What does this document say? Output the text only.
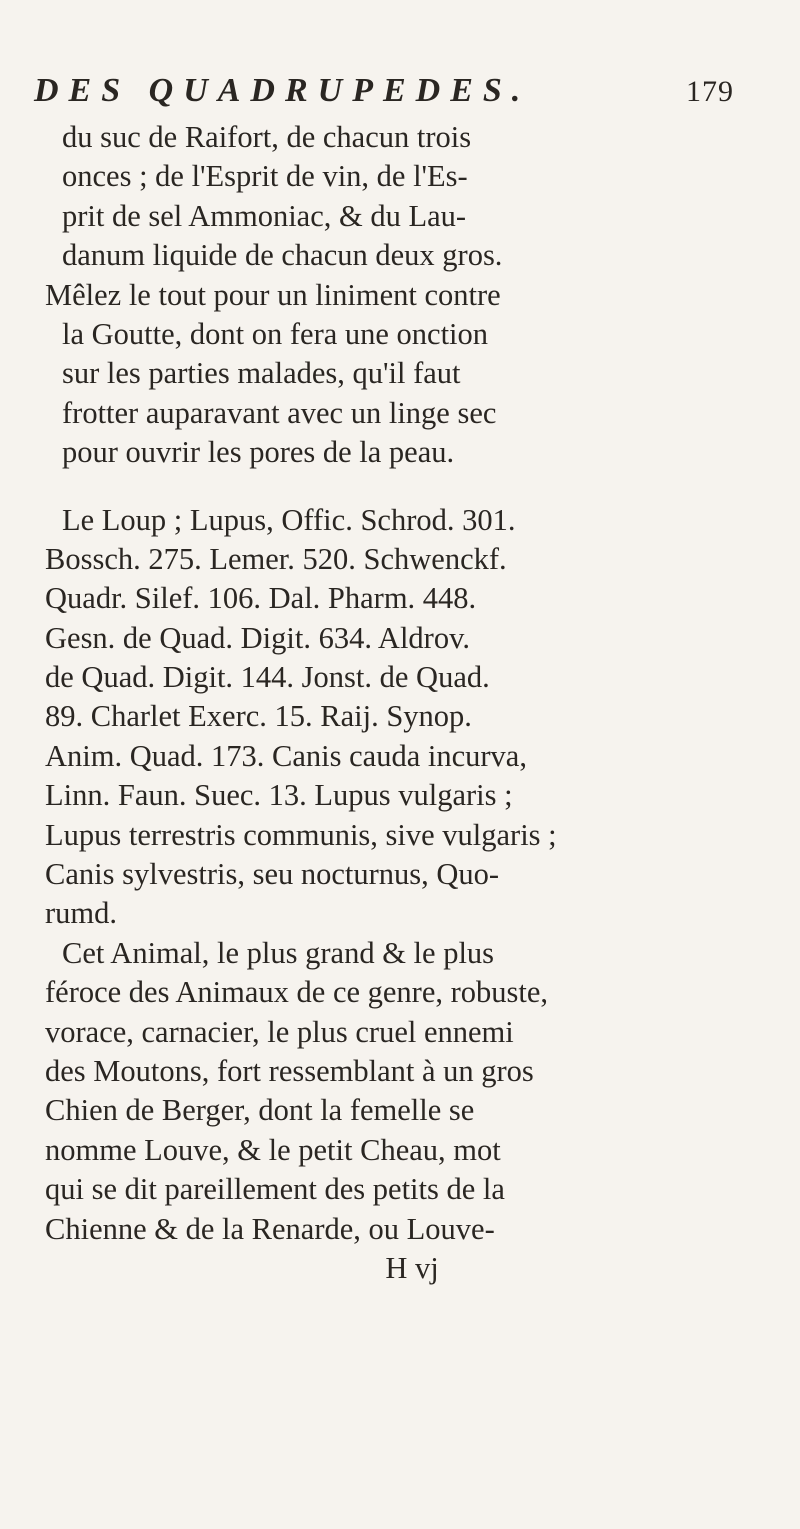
DES QUADRUPEDES.	179
du suc de Raifort, de chacun trois
onces ; de l'Esprit de vin, de l'Es-
prit de sel Ammoniac, & du Lau-
danum liquide de chacun deux gros.
Mêlez le tout pour un liniment contre
la Goutte, dont on fera une onction
sur les parties malades, qu'il faut
frotter auparavant avec un linge sec
pour ouvrir les pores de la peau.
Le Loup ; Lupus, Offic. Schrod. 301.
Bossch. 275. Lemer. 520. Schwenckf.
Quadr. Silef. 106. Dal. Pharm. 448.
Gesn. de Quad. Digit. 634. Aldrov.
de Quad. Digit. 144. Jonst. de Quad.
89. Charlet Exerc. 15. Raij. Synop.
Anim. Quad. 173. Canis cauda incurva,
Linn. Faun. Suec. 13. Lupus vulgaris ;
Lupus terrestris communis, sive vulgaris ;
Canis sylvestris, seu nocturnus, Quo-
rumd.
Cet Animal, le plus grand & le plus
féroce des Animaux de ce genre, robuste,
vorace, carnacier, le plus cruel ennemi
des Moutons, fort ressemblant à un gros
Chien de Berger, dont la femelle se
nomme Louve, & le petit Cheau, mot
qui se dit pareillement des petits de la
Chienne & de la Renarde, ou Louve-
H vj
